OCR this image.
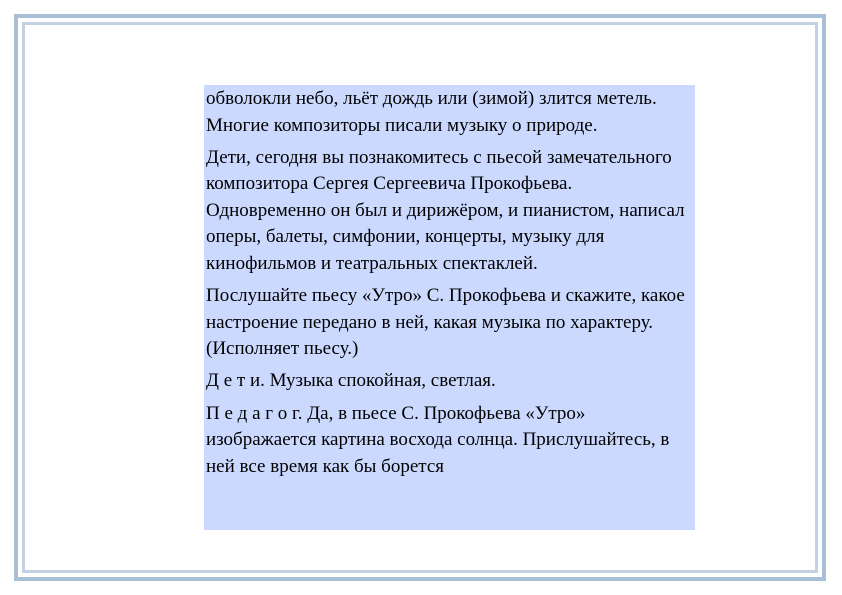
обволокли небо, льёт дождь или (зимой) злится метель. Многие композиторы писали музыку о природе.

Дети, сегодня вы познакомитесь с пьесой замечательного композитора Сергея Сергеевича Прокофьева. Одновременно он был и дирижёром, и пианистом, написал оперы, балеты, симфонии, концерты, музыку для кинофильмов и театральных спектаклей.

Послушайте пьесу «Утро» С. Прокофьева и скажите, какое настроение передано в ней, какая музыка по характеру. (Исполняет пьесу.)

Д е т и. Музыка спокойная, светлая.

П е д а г о г. Да, в пьесе С. Прокофьева «Утро» изображается картина восхода солнца. Прислушайтесь, в ней все время как бы борется
